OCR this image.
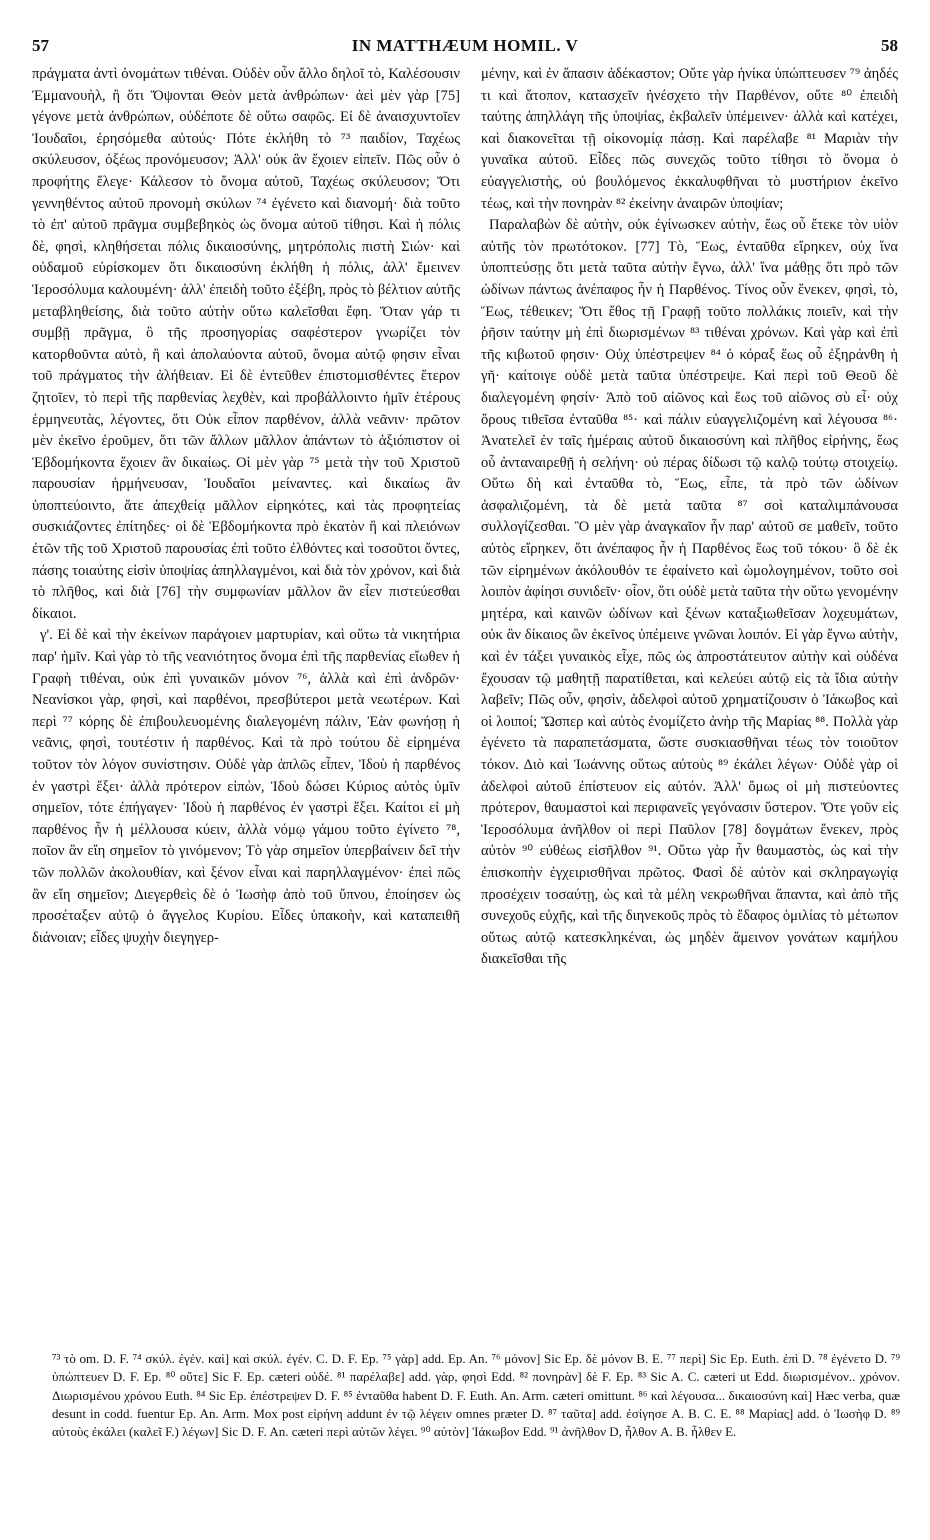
57	IN MATTHÆUM HOMIL. V	58
πράγματα ἀντὶ ὀνομάτων τιθέναι. Οὐδὲν οὖν ἄλλο δηλοῖ τὸ, Καλέσουσιν Ἐμμανουὴλ, ἢ ὅτι Ὄψονται Θεὸν μετὰ ἀνθρώπων· ἀεὶ μὲν γὰρ [75] γέγονε μετὰ ἀνθρώπων, οὐδέποτε δὲ οὕτω σαφῶς. Εἰ δὲ ἀναισχυντοῖεν Ἰουδαῖοι, ἐρησόμεθα αὐτούς· Πότε ἐκλήθη τὸ ⁷³ παιδίον, Ταχέως σκύλευσον, ὀξέως προνόμευσον; Ἀλλ' οὐκ ἂν ἔχοιεν εἰπεῖν. Πῶς οὖν ὁ προφήτης ἔλεγε· Κάλεσον τὸ ὄνομα αὐτοῦ, Ταχέως σκύλευσον; Ὅτι γεννηθέντος αὐτοῦ προνομὴ σκύλων ⁷⁴ ἐγένετο καὶ διανομή· διὰ τοῦτο τὸ ἐπ' αὐτοῦ πρᾶγμα συμβεβηκὸς ὡς ὄνομα αὐτοῦ τίθησι. Καὶ ἡ πόλις δὲ, φησὶ, κληθήσεται πόλις δικαιοσύνης, μητρόπολις πιστὴ Σιών· καὶ οὐδαμοῦ εὑρίσκομεν ὅτι δικαιοσύνη ἐκλήθη ἡ πόλις, ἀλλ' ἔμεινεν Ἱεροσόλυμα καλουμένη· ἀλλ' ἐπειδὴ τοῦτο ἐξέβη, πρὸς τὸ βέλτιον αὐτῆς μεταβληθείσης, διὰ τοῦτο αὐτὴν οὕτω καλεῖσθαι ἔφη. Ὅταν γάρ τι συμβῇ πρᾶγμα, ὃ τῆς προσηγορίας σαφέστερον γνωρίζει τὸν κατορθοῦντα αὐτὸ, ἢ καὶ ἀπολαύοντα αὐτοῦ, ὄνομα αὐτῷ φησιν εἶναι τοῦ πράγματος τὴν ἀλήθειαν. Εἰ δὲ ἐντεῦθεν ἐπιστομισθέντες ἕτερον ζητοῖεν, τὸ περὶ τῆς παρθενίας λεχθὲν, καὶ προβάλλοιντο ἡμῖν ἑτέρους ἑρμηνευτὰς, λέγοντες, ὅτι Οὐκ εἶπον παρθένον, ἀλλὰ νεᾶνιν· πρῶτον μὲν ἐκεῖνο ἐροῦμεν, ὅτι τῶν ἄλλων μᾶλλον ἁπάντων τὸ ἀξιόπιστον οἱ Ἑβδομήκοντα ἔχοιεν ἂν δικαίως. Οἱ μὲν γὰρ ⁷⁵ μετὰ τὴν τοῦ Χριστοῦ παρουσίαν ἡρμήνευσαν, Ἰουδαῖοι μείναντες. καὶ δικαίως ἂν ὑποπτεύοιντο, ἅτε ἀπεχθείᾳ μᾶλλον εἰρηκότες, καὶ τὰς προφητείας συσκιάζοντες ἐπίτηδες· οἱ δὲ Ἑβδομήκοντα πρὸ ἑκατὸν ἢ καὶ πλειόνων ἐτῶν τῆς τοῦ Χριστοῦ παρουσίας ἐπὶ τοῦτο ἐλθόντες καὶ τοσοῦτοι ὄντες, πάσης τοιαύτης εἰσὶν ὑποψίας ἀπηλλαγμένοι, καὶ διὰ τὸν χρόνον, καὶ διὰ τὸ πλῆθος, καὶ διὰ [76] τὴν συμφωνίαν μᾶλλον ἂν εἶεν πιστεύεσθαι δίκαιοι.
γ'. Εἰ δὲ καὶ τὴν ἐκείνων παράγοιεν μαρτυρίαν, καὶ οὕτω τὰ νικητήρια παρ' ἡμῖν. Καὶ γὰρ τὸ τῆς νεανιότητος ὄνομα ἐπὶ τῆς παρθενίας εἴωθεν ἡ Γραφὴ τιθέναι, οὐκ ἐπὶ γυναικῶν μόνον ⁷⁶, ἀλλὰ καὶ ἐπὶ ἀνδρῶν· Νεανίσκοι γὰρ, φησὶ, καὶ παρθένοι, πρεσβύτεροι μετὰ νεωτέρων. Καὶ περὶ ⁷⁷ κόρης δὲ ἐπιβουλευομένης διαλεγομένη πάλιν, Ἐὰν φωνήσῃ ἡ νεᾶνις, φησὶ, τουτέστιν ἡ παρθένος. Καὶ τὰ πρὸ τούτου δὲ εἰρημένα τοῦτον τὸν λόγον συνίστησιν. Οὐδὲ γὰρ ἁπλῶς εἶπεν, Ἰδοὺ ἡ παρθένος ἐν γαστρὶ ἕξει· ἀλλὰ πρότερον εἰπὼν, Ἰδοὺ δώσει Κύριος αὐτὸς ὑμῖν σημεῖον, τότε ἐπήγαγεν· Ἰδοὺ ἡ παρθένος ἐν γαστρὶ ἕξει. Καίτοι εἰ μὴ παρθένος ἦν ἡ μέλλουσα κύειν, ἀλλὰ νόμῳ γάμου τοῦτο ἐγίνετο ⁷⁸, ποῖον ἂν εἴη σημεῖον τὸ γινόμενον; Τὸ γὰρ σημεῖον ὑπερβαίνειν δεῖ τὴν τῶν πολλῶν ἀκολουθίαν, καὶ ξένον εἶναι καὶ παρηλλαγμένον· ἐπεὶ πῶς ἂν εἴη σημεῖον; Διεγερθεὶς δὲ ὁ Ἰωσὴφ ἀπὸ τοῦ ὕπνου, ἐποίησεν ὡς προσέταξεν αὐτῷ ὁ ἄγγελος Κυρίου. Εἶδες ὑπακοὴν, καὶ καταπειθῆ διάνοιαν; εἶδες ψυχὴν διεγηγερ-
μένην, καὶ ἐν ἅπασιν ἀδέκαστον; Οὔτε γὰρ ἡνίκα ὑπώπτευσεν ⁷⁹ ἀηδές τι καὶ ἄτοπον, κατασχεῖν ἠνέσχετο τὴν Παρθένον, οὔτε ⁸⁰ ἐπειδὴ ταύτης ἀπηλλάγη τῆς ὑποψίας, ἐκβαλεῖν ὑπέμεινεν· ἀλλὰ καὶ κατέχει, καὶ διακονεῖται τῇ οἰκονομίᾳ πάσῃ. Καὶ παρέλαβε ⁸¹ Μαριὰν τὴν γυναῖκα αὐτοῦ. Εἶδες πῶς συνεχῶς τοῦτο τίθησι τὸ ὄνομα ὁ εὐαγγελιστὴς, οὐ βουλόμενος ἐκκαλυφθῆναι τὸ μυστήριον ἐκεῖνο τέως, καὶ τὴν πονηρὰν ⁸² ἐκείνην ἀναιρῶν ὑποψίαν;
Παραλαβὼν δὲ αὐτὴν, οὐκ ἐγίνωσκεν αὐτὴν, ἕως οὗ ἔτεκε τὸν υἱὸν αὐτῆς τὸν πρωτότοκον. [77] Τὸ, Ἕως, ἐνταῦθα εἴρηκεν, οὐχ ἵνα ὑποπτεύσῃς ὅτι μετὰ ταῦτα αὐτὴν ἔγνω, ἀλλ' ἵνα μάθῃς ὅτι πρὸ τῶν ὠδίνων πάντως ἀνέπαφος ἦν ἡ Παρθένος. Τίνος οὖν ἕνεκεν, φησὶ, τὸ, Ἕως, τέθεικεν; Ὅτι ἔθος τῇ Γραφῇ τοῦτο πολλάκις ποιεῖν, καὶ τὴν ῥῆσιν ταύτην μὴ ἐπὶ διωρισμένων ⁸³ τιθέναι χρόνων. Καὶ γὰρ καὶ ἐπὶ τῆς κιβωτοῦ φησιν· Οὐχ ὑπέστρεψεν ⁸⁴ ὁ κόραξ ἕως οὗ ἐξηράνθη ἡ γῆ· καίτοιγε οὐδὲ μετὰ ταῦτα ὑπέστρεψε. Καὶ περὶ τοῦ Θεοῦ δὲ διαλεγομένη φησίν· Ἀπὸ τοῦ αἰῶνος καὶ ἕως τοῦ αἰῶνος σὺ εἶ· οὐχ ὅρους τιθεῖσα ἐνταῦθα ⁸⁵· καὶ πάλιν εὐαγγελιζομένη καὶ λέγουσα ⁸⁶· Ἀνατελεῖ ἐν ταῖς ἡμέραις αὐτοῦ δικαιοσύνη καὶ πλῆθος εἰρήνης, ἕως οὗ ἀνταναιρεθῇ ἡ σελήνη· οὐ πέρας δίδωσι τῷ καλῷ τούτῳ στοιχείῳ. Οὕτω δὴ καὶ ἐνταῦθα τὸ, Ἕως, εἶπε, τὰ πρὸ τῶν ὠδίνων ἀσφαλιζομένη, τὰ δὲ μετὰ ταῦτα ⁸⁷ σοὶ καταλιμπάνουσα συλλογίζεσθαι. Ὃ μὲν γὰρ ἀναγκαῖον ἦν παρ' αὐτοῦ σε μαθεῖν, τοῦτο αὐτὸς εἴρηκεν, ὅτι ἀνέπαφος ἦν ἡ Παρθένος ἕως τοῦ τόκου· ὃ δὲ ἐκ τῶν εἰρημένων ἀκόλουθόν τε ἐφαίνετο καὶ ὡμολογημένον, τοῦτο σοὶ λοιπὸν ἀφίησι συνιδεῖν· οἷον, ὅτι οὐδὲ μετὰ ταῦτα τὴν οὕτω γενομένην μητέρα, καὶ καινῶν ὠδίνων καὶ ξένων καταξιωθεῖσαν λοχευμάτων, οὐκ ἂν δίκαιος ὢν ἐκεῖνος ὑπέμεινε γνῶναι λοιπόν. Εἰ γὰρ ἔγνω αὐτὴν, καὶ ἐν τάξει γυναικὸς εἶχε, πῶς ὡς ἀπροστάτευτον αὐτὴν καὶ οὐδένα ἔχουσαν τῷ μαθητῇ παρατίθεται, καὶ κελεύει αὐτῷ εἰς τὰ ἴδια αὐτὴν λαβεῖν; Πῶς οὖν, φησὶν, ἀδελφοὶ αὐτοῦ χρηματίζουσιν ὁ Ἰάκωβος καὶ οἱ λοιποί; Ὥσπερ καὶ αὐτὸς ἐνομίζετο ἀνὴρ τῆς Μαρίας ⁸⁸. Πολλὰ γὰρ ἐγένετο τὰ παραπετάσματα, ὥστε συσκιασθῆναι τέως τὸν τοιοῦτον τόκον. Διὸ καὶ Ἰωάννης οὕτως αὐτοὺς ⁸⁹ ἐκάλει λέγων· Οὐδὲ γὰρ οἱ ἀδελφοὶ αὐτοῦ ἐπίστευον εἰς αὐτόν. Ἀλλ' ὅμως οἱ μὴ πιστεύοντες πρότερον, θαυμαστοὶ καὶ περιφανεῖς γεγόνασιν ὕστερον. Ὅτε γοῦν εἰς Ἱεροσόλυμα ἀνῆλθον οἱ περὶ Παῦλον [78] δογμάτων ἕνεκεν, πρὸς αὐτὸν ⁹⁰ εὐθέως εἰσῆλθον ⁹¹. Οὕτω γὰρ ἦν θαυμαστὸς, ὡς καὶ τὴν ἐπισκοπὴν ἐγχειρισθῆναι πρῶτος. Φασὶ δὲ αὐτὸν καὶ σκληραγωγίᾳ προσέχειν τοσαύτῃ, ὡς καὶ τὰ μέλη νεκρωθῆναι ἅπαντα, καὶ ἀπὸ τῆς συνεχοῦς εὐχῆς, καὶ τῆς διηνεκοῦς πρὸς τὸ ἔδαφος ὁμιλίας τὸ μέτωπον οὕτως αὐτῷ κατεσκληκέναι, ὡς μηδὲν ἄμεινον γονάτων καμήλου διακεῖσθαι τῆς
⁷³ τὸ om. D. F. ⁷⁴ σκύλ. ἐγέν. καὶ] καὶ σκύλ. ἐγέν. C. D. F. Ep. ⁷⁵ γὰρ] add. Ep. An. ⁷⁶ μόνον] Sic Ep. δὲ μόνον B. E. ⁷⁷ περὶ] Sic Ep. Euth. ἐπὶ D. ⁷⁸ ἐγένετο D. ⁷⁹ ὑπώπτευεν D. F. Ep. ⁸⁰ οὔτε] Sic F. Ep. cæteri οὐδέ. ⁸¹ παρέλαβε] add. γὰρ, φησὶ Edd. ⁸² πονηρὰν] δὲ F. Ep. ⁸³ Sic A. C. cæteri ut Edd. διωρισμένον.. χρόνον. Διωρισμένου χρόνου Euth. ⁸⁴ Sic Ep. ἐπέστρεψεν D. F. ⁸⁵ ἐνταῦθα habent D. F. Euth. An. Arm. cæteri omittunt. ⁸⁶ καὶ λέγουσα... δικαιοσύνη καὶ] Hæc verba, quæ desunt in codd. fuentur Ep. An. Arm. Mox post εἰρήνη addunt ἐν τῷ λέγειν omnes præter D. ⁸⁷ ταῦτα] add. ἐσίγησε A. B. C. E. ⁸⁸ Μαρίας] add. ὁ Ἰωσὴφ D. ⁸⁹ αὐτοὺς ἐκάλει (καλεῖ F.) λέγων] Sic D. F. An. cæteri περὶ αὐτῶν λέγει. ⁹⁰ αὐτὸν] Ἰάκωβον Edd. ⁹¹ ἀνῆλθον D, ἦλθον A. B. ἦλθεν E.
